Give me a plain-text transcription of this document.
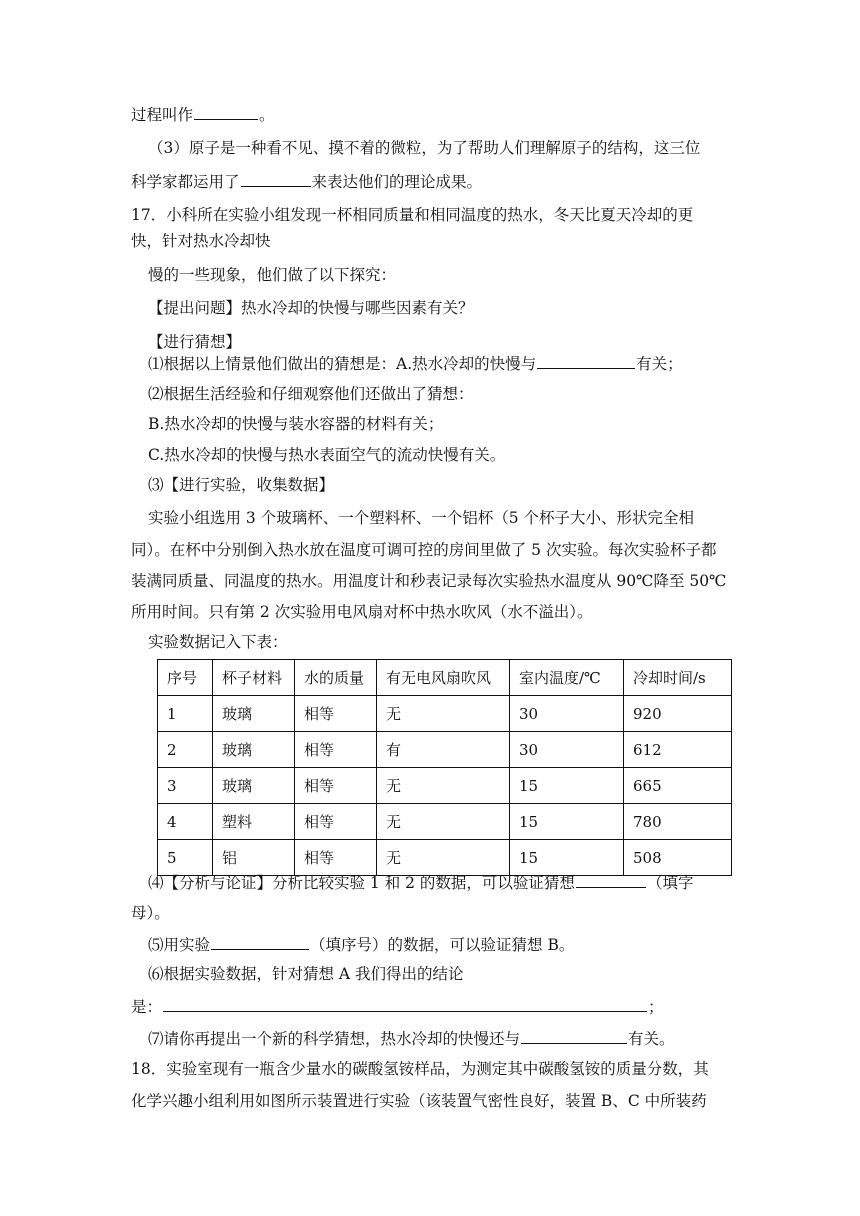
过程叫作	。
（3）原子是一种看不见、摸不着的微粒，为了帮助人们理解原子的结构，这三位
科学家都运用了	来表达他们的理论成果。
17．小科所在实验小组发现一杯相同质量和相同温度的热水，冬天比夏天冷却的更
快，针对热水冷却快
慢的一些现象，他们做了以下探究：
【提出问题】热水冷却的快慢与哪些因素有关？
【进行猜想】
⑴根据以上情景他们做出的猜想是：A.热水冷却的快慢与	有关；
⑵根据生活经验和仔细观察他们还做出了猜想：
B.热水冷却的快慢与装水容器的材料有关；
C.热水冷却的快慢与热水表面空气的流动快慢有关。
⑶【进行实验，收集数据】
实验小组选用 3 个玻璃杯、一个塑料杯、一个铝杯（5 个杯子大小、形状完全相
同）。在杯中分别倒入热水放在温度可调可控的房间里做了 5 次实验。每次实验杯子都
装满同质量、同温度的热水。用温度计和秒表记录每次实验热水温度从 90℃降至 50℃
所用时间。只有第 2 次实验用电风扇对杯中热水吹风（水不溢出）。
实验数据记入下表：
序号	杯子材料	水的质量	有无电风扇吹风	室内温度/℃	冷却时间/s
1	玻璃	相等	无	30	920
2	玻璃	相等	有	30	612
3	玻璃	相等	无	15	665
4	塑料	相等	无	15	780
5	铝	相等	无	15	508
⑷【分析与论证】分析比较实验 1 和 2 的数据，可以验证猜想	（填字
母）。
⑸用实验	（填序号）的数据，可以验证猜想 B。
⑹根据实验数据，针对猜想 A 我们得出的结论
是：	；
⑺请你再提出一个新的科学猜想，热水冷却的快慢还与	有关。
18．实验室现有一瓶含少量水的碳酸氢铵样品，为测定其中碳酸氢铵的质量分数，其
化学兴趣小组利用如图所示装置进行实验（该装置气密性良好，装置 B、C 中所装药
